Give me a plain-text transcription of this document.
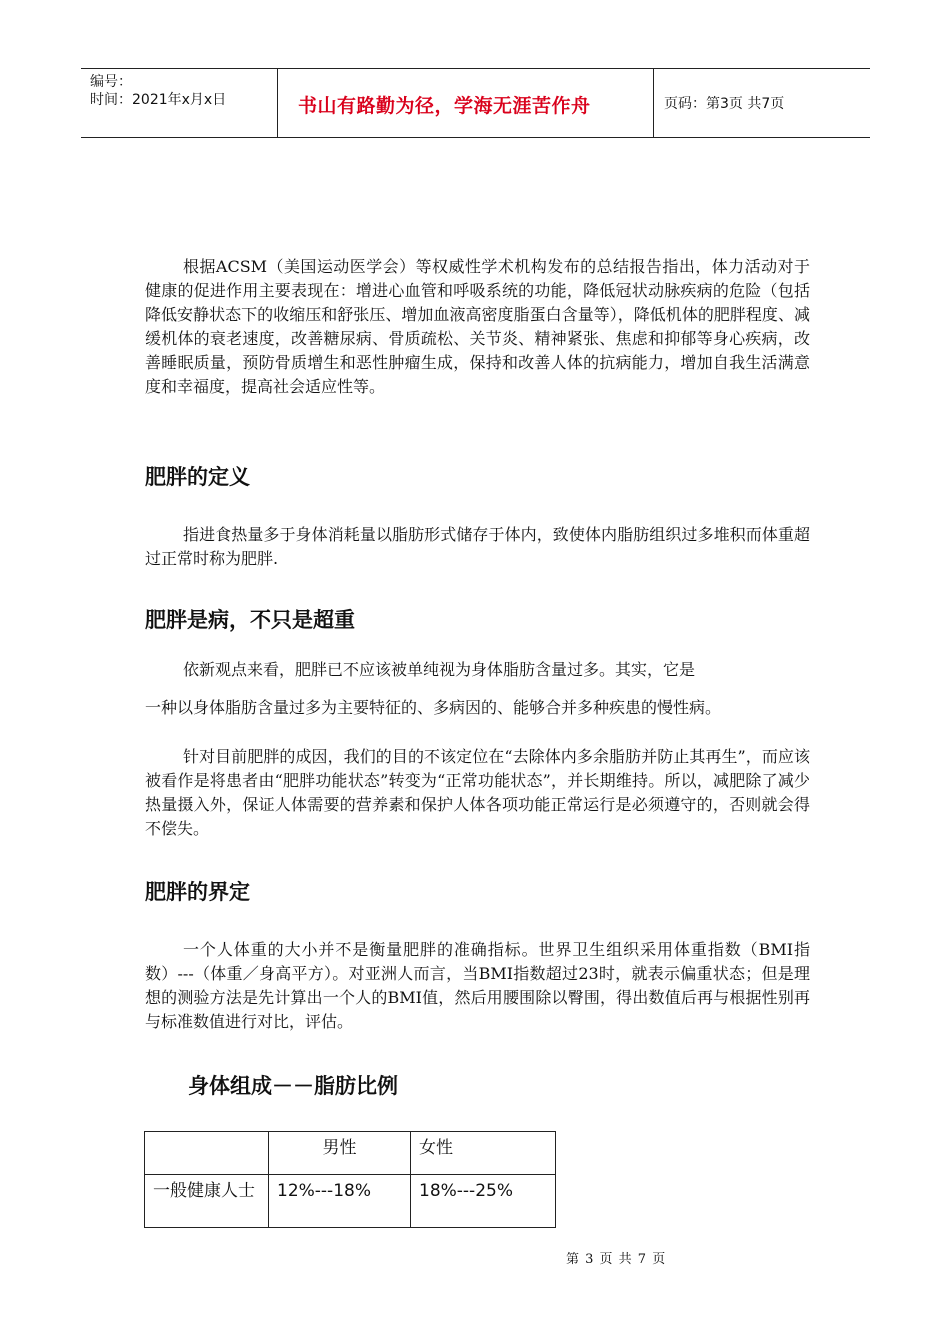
编号：
时间：2021年x月x日	书山有路勤为径，学海无涯苦作舟	页码：第3页 共7页

根据ACSM（美国运动医学会）等权威性学术机构发布的总结报告指出，体力活动对于健康的促进作用主要表现在：增进心血管和呼吸系统的功能，降低冠状动脉疾病的危险（包括降低安静状态下的收缩压和舒张压、增加血液高密度脂蛋白含量等），降低机体的肥胖程度、减缓机体的衰老速度，改善糖尿病、骨质疏松、关节炎、精神紧张、焦虑和抑郁等身心疾病，改善睡眠质量，预防骨质增生和恶性肿瘤生成，保持和改善人体的抗病能力，增加自我生活满意度和幸福度，提高社会适应性等。

肥胖的定义

指进食热量多于身体消耗量以脂肪形式储存于体内，致使体内脂肪组织过多堆积而体重超过正常时称为肥胖.

肥胖是病，不只是超重

依新观点来看，肥胖已不应该被单纯视为身体脂肪含量过多。其实，它是

一种以身体脂肪含量过多为主要特征的、多病因的、能够合并多种疾患的慢性病。

针对目前肥胖的成因，我们的目的不该定位在“去除体内多余脂肪并防止其再生”，而应该被看作是将患者由“肥胖功能状态”转变为“正常功能状态”，并长期维持。所以，减肥除了减少热量摄入外，保证人体需要的营养素和保护人体各项功能正常运行是必须遵守的，否则就会得不偿失。

肥胖的界定

一个人体重的大小并不是衡量肥胖的准确指标。世界卫生组织采用体重指数（BMI指数）---（体重／身高平方）。对亚洲人而言，当BMI指数超过23时，就表示偏重状态；但是理想的测验方法是先计算出一个人的BMI值，然后用腰围除以臀围，得出数值后再与根据性别再与标准数值进行对比，评估。

身体组成－－脂肪比例
	男性	女性
一般健康人士	12%---18%	18%---25%
第 3 页 共 7 页
